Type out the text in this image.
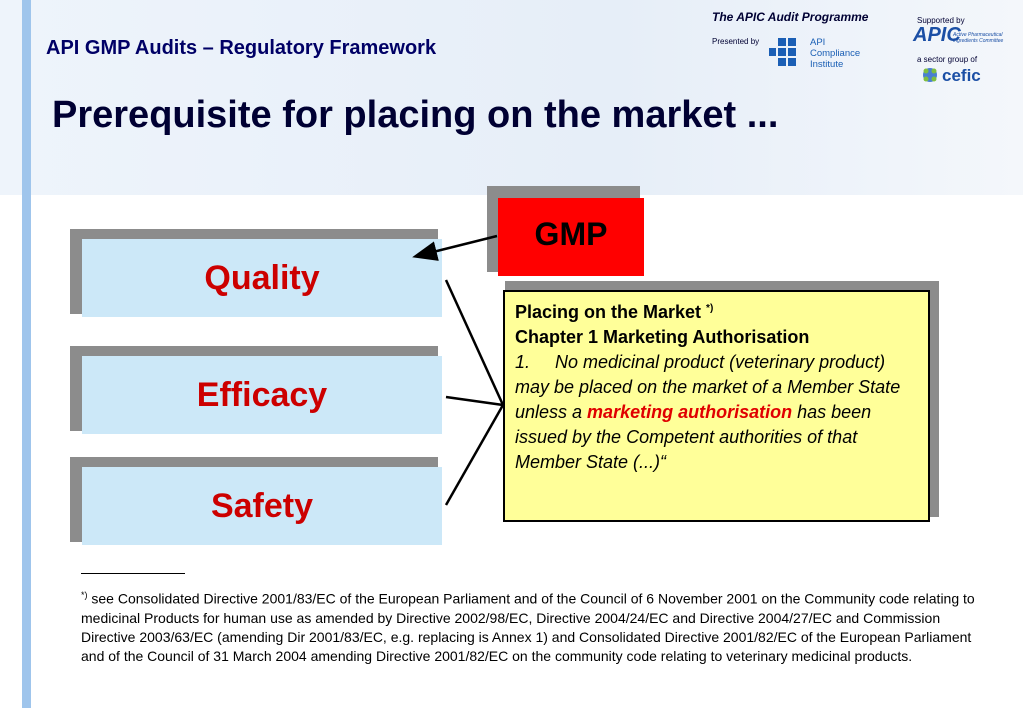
API GMP Audits – Regulatory Framework
Prerequisite for placing on the market ...
The APIC Audit Programme
Presented by
Supported by
a sector group of
API
Compliance
Institute
APIC
Active Pharmaceutical
Ingredients Committee
cefic
Quality
Efficacy
Safety
GMP
Placing on the Market *)
Chapter 1 Marketing Authorisation
1. No medicinal product (veterinary product) may be placed on the market of a Member State unless a marketing authorisation has been issued by the Competent authorities of that Member State (...)“
*) see Consolidated Directive 2001/83/EC of the European Parliament and of the Council of 6 November 2001 on the Community code relating to medicinal Products for human use as amended by Directive 2002/98/EC, Directive 2004/24/EC and Directive 2004/27/EC and Commission Directive 2003/63/EC (amending Dir 2001/83/EC, e.g. replacing is Annex 1) and Consolidated Directive 2001/82/EC of the European Parliament and of the Council of 31 March 2004 amending Directive 2001/82/EC on the community code relating to veterinary medicinal products.
